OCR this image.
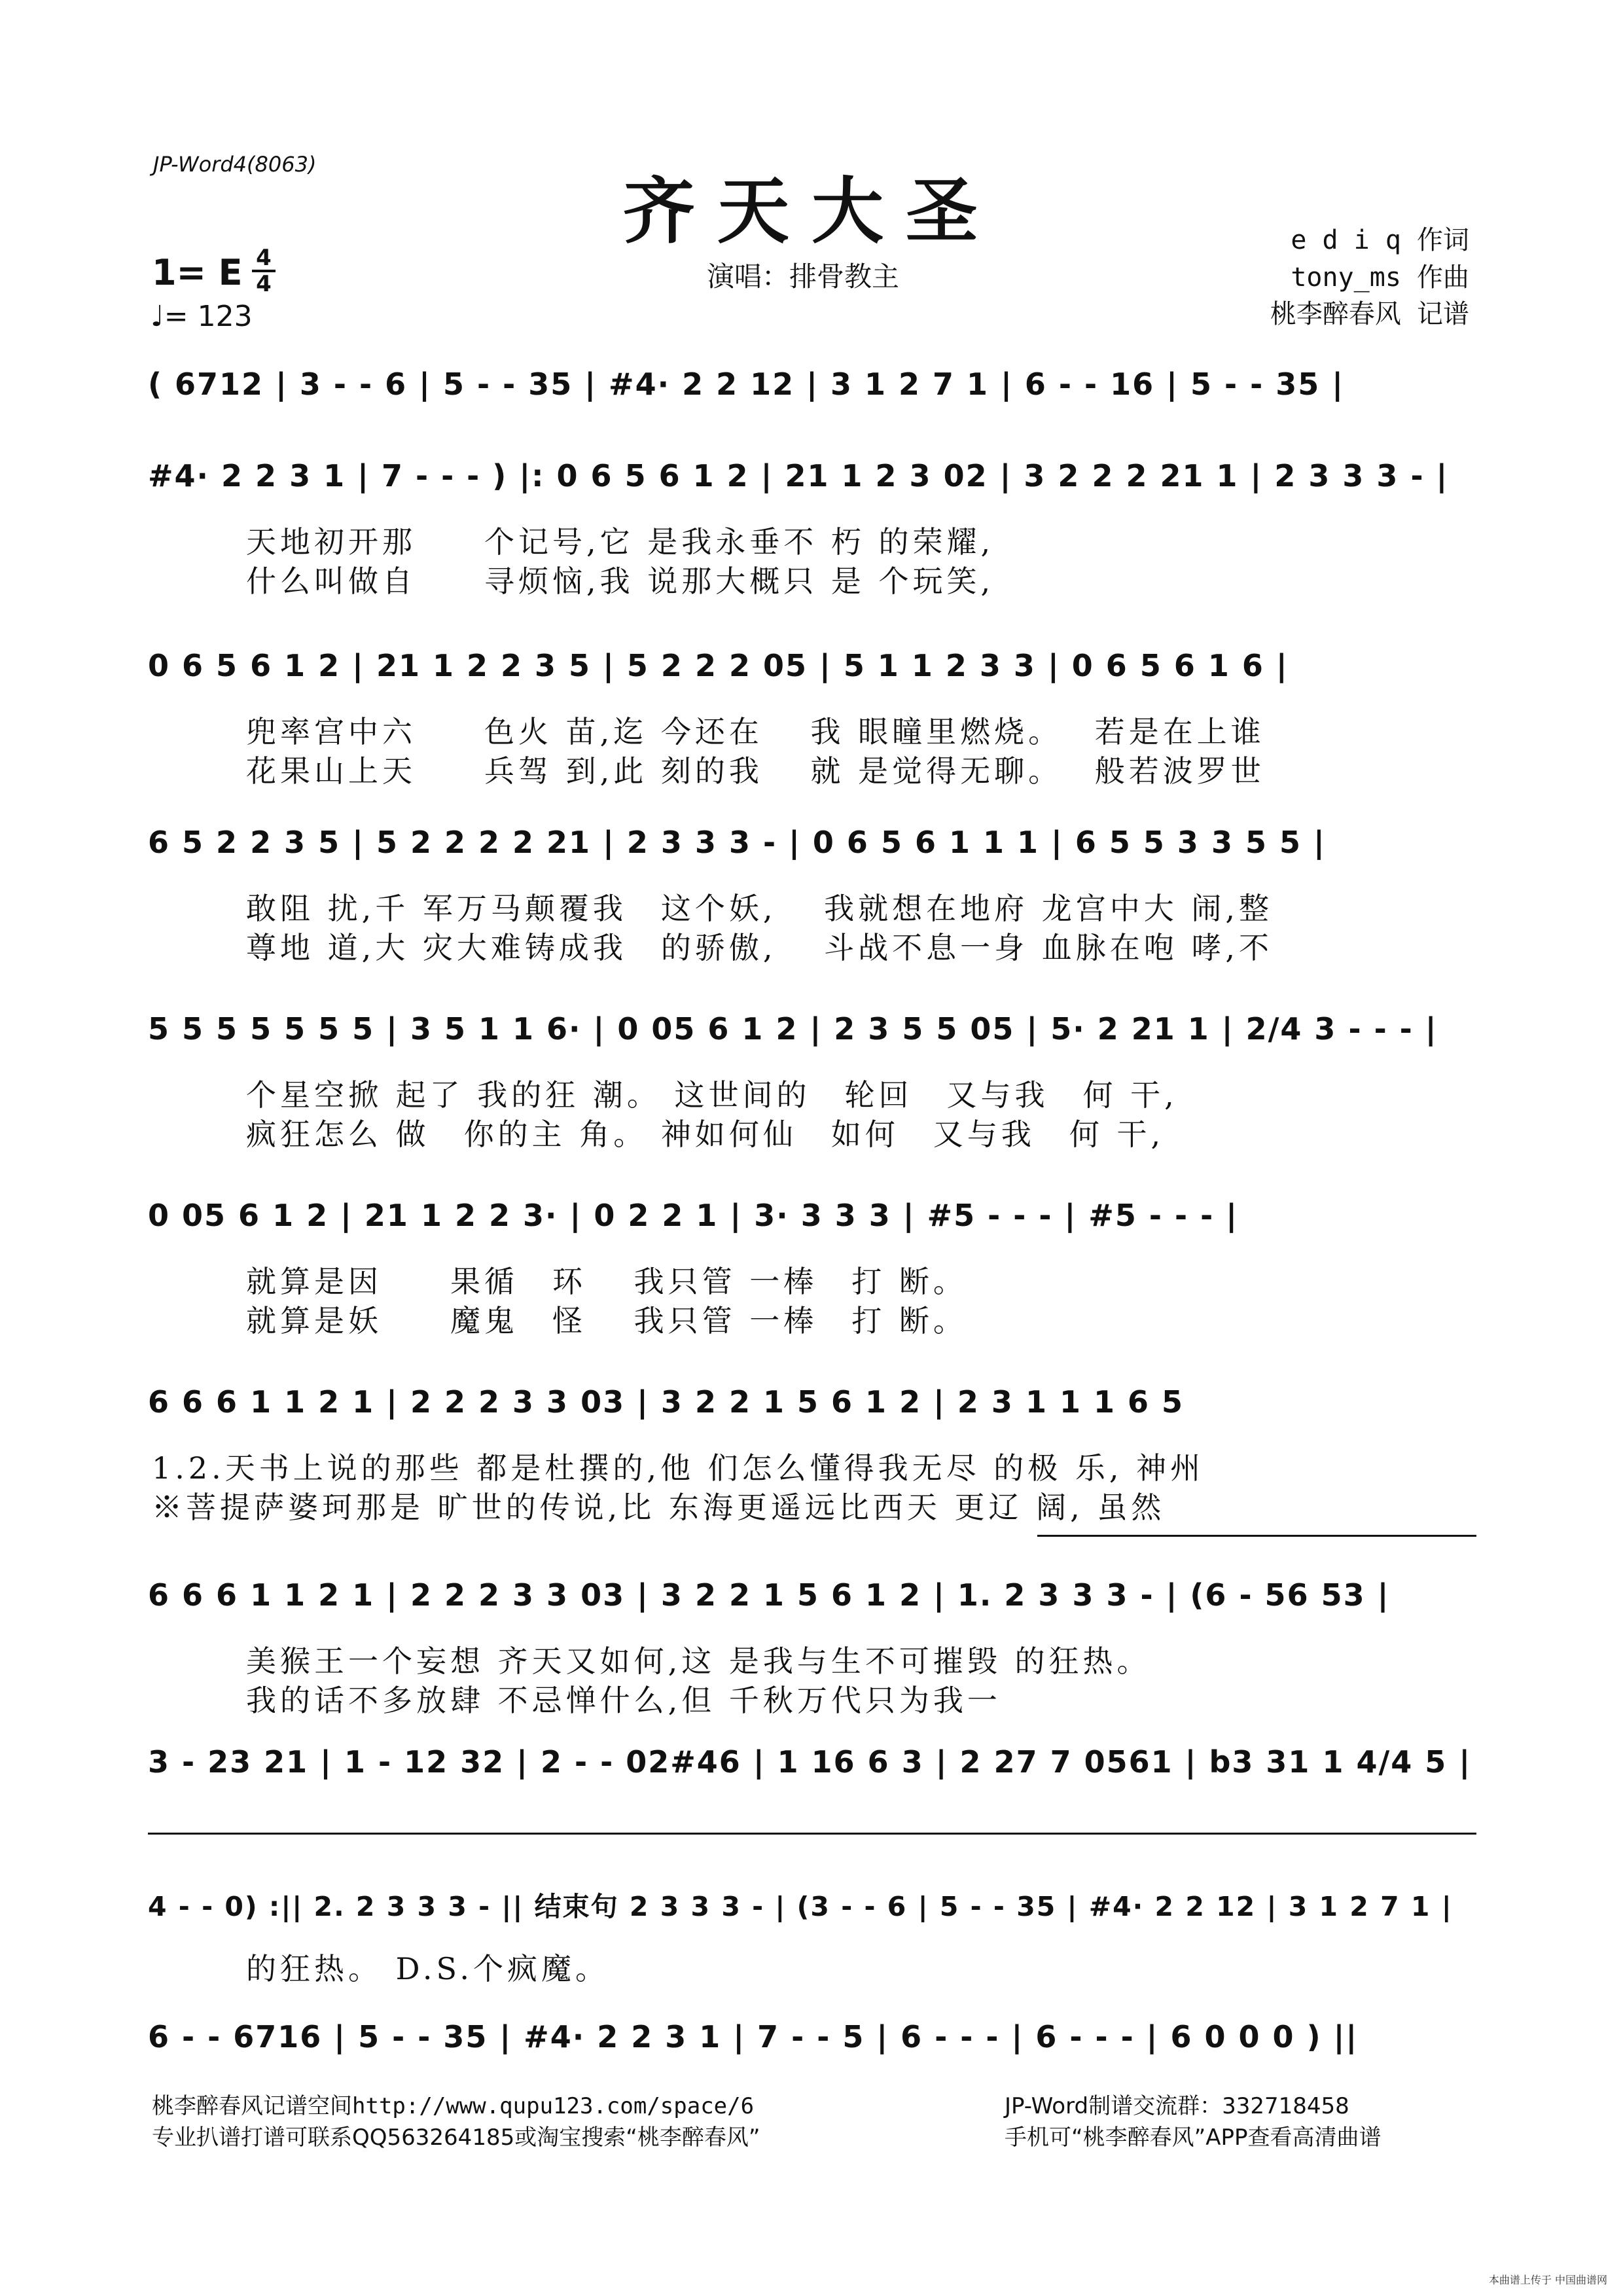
JP-Word4(8063)
齐天大圣
1= E 4
4
♩= 123
演唱：排骨教主
e d i q 作词
tony_ms 作曲
桃李醉春风 记谱
( 6712 | 3 - - 6 | 5 - - 35 | #4· 2 2 12 | 3 1 2 7 1 | 6 - - 16 | 5 - - 35 |
#4· 2 2 3 1 | 7 - - - ) |: 0 6 5 6 1 2 | 21 1 2 3 02 | 3 2 2 2 21 1 | 2 3 3 3 - |
天地初开那　　个记号,它 是我永垂不 朽 的荣耀,
什么叫做自　　寻烦恼,我 说那大概只 是 个玩笑,
0 6 5 6 1 2 | 21 1 2 2 3 5 | 5 2 2 2 05 | 5 1 1 2 3 3 | 0 6 5 6 1 6 |
兜率宫中六　　色火 苗,迄 今还在　 我 眼瞳里燃烧。　 若是在上谁
花果山上天　　兵驾 到,此 刻的我　 就 是觉得无聊。　 般若波罗世
6 5 2 2 3 5 | 5 2 2 2 2 21 | 2 3 3 3 - | 0 6 5 6 1 1 1 | 6 5 5 3 3 5 5 |
敢阻 扰,千 军万马颠覆我　这个妖,　 我就想在地府 龙宫中大 闹,整
尊地 道,大 灾大难铸成我　的骄傲,　 斗战不息一身 血脉在咆 哮,不
5 5 5 5 5 5 5 | 3 5 1 1 6· | 0 05 6 1 2 | 2 3 5 5 05 | 5· 2 21 1 | 2/4 3 - - - |
个星空掀 起了 我的狂 潮。 这世间的　轮回　又与我　何 干,
疯狂怎么 做　你的主 角。 神如何仙　如何　又与我　何 干,
0 05 6 1 2 | 21 1 2 2 3· | 0 2 2 1 | 3· 3 3 3 | #5 - - - | #5 - - - |
就算是因　　果循　环　 我只管 一棒　打 断。
就算是妖　　魔鬼　怪　 我只管 一棒　打 断。
6 6 6 1 1 2 1 | 2 2 2 3 3 03 | 3 2 2 1 5 6 1 2 | 2 3 1 1 1 6 5
1.2.天书上说的那些 都是杜撰的,他 们怎么懂得我无尽 的极 乐, 神州
※菩提萨婆珂那是 旷世的传说,比 东海更遥远比西天 更辽 阔, 虽然
6 6 6 1 1 2 1 | 2 2 2 3 3 03 | 3 2 2 1 5 6 1 2 | 1. 2 3 3 3 - | (6 - 56 53 |
美猴王一个妄想 齐天又如何,这 是我与生不可摧毁 的狂热。
我的话不多放肆 不忌惮什么,但 千秋万代只为我一
3 - 23 21 | 1 - 12 32 | 2 - - 02#46 | 1 16 6 3 | 2 27 7 0561 | b3 31 1 4/4 5 |
4 - - 0) :|| 2. 2 3 3 3 - || 结束句 2 3 3 3 - | (3 - - 6 | 5 - - 35 | #4· 2 2 12 | 3 1 2 7 1 |
的狂热。 D.S.个疯魔。
6 - - 6716 | 5 - - 35 | #4· 2 2 3 1 | 7 - - 5 | 6 - - - | 6 - - - | 6 0 0 0 ) ||
桃李醉春风记谱空间http://www.qupu123.com/space/6
专业扒谱打谱可联系QQ563264185或淘宝搜索“桃李醉春风”
JP-Word制谱交流群：332718458
手机可“桃李醉春风”APP查看高清曲谱
本曲谱上传于 中国曲谱网
